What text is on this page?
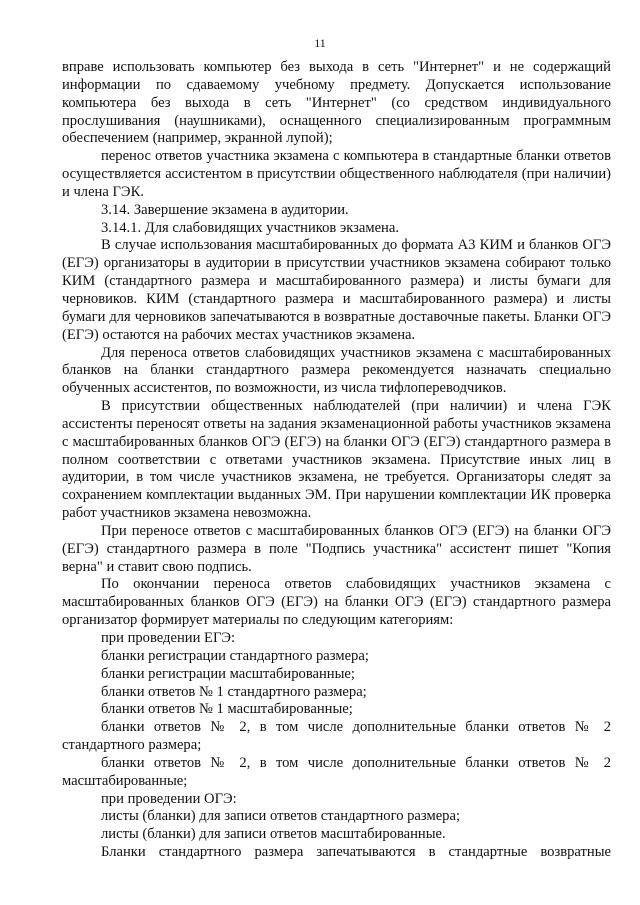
11

вправе использовать компьютер без выхода в сеть "Интернет" и не содержащий информации по сдаваемому учебному предмету. Допускается использование компьютера без выхода в сеть "Интернет" (со средством индивидуального прослушивания (наушниками), оснащенного специализированным программным обеспечением (например, экранной лупой);

перенос ответов участника экзамена с компьютера в стандартные бланки ответов осуществляется ассистентом в присутствии общественного наблюдателя (при наличии) и члена ГЭК.

3.14. Завершение экзамена в аудитории.

3.14.1. Для слабовидящих участников экзамена.

В случае использования масштабированных до формата А3 КИМ и бланков ОГЭ (ЕГЭ) организаторы в аудитории в присутствии участников экзамена собирают только КИМ (стандартного размера и масштабированного размера) и листы бумаги для черновиков. КИМ (стандартного размера и масштабированного размера) и листы бумаги для черновиков запечатываются в возвратные доставочные пакеты. Бланки ОГЭ (ЕГЭ) остаются на рабочих местах участников экзамена.

Для переноса ответов слабовидящих участников экзамена с масштабированных бланков на бланки стандартного размера рекомендуется назначать специально обученных ассистентов, по возможности, из числа тифлопереводчиков.

В присутствии общественных наблюдателей (при наличии) и члена ГЭК ассистенты переносят ответы на задания экзаменационной работы участников экзамена с масштабированных бланков ОГЭ (ЕГЭ) на бланки ОГЭ (ЕГЭ) стандартного размера в полном соответствии с ответами участников экзамена. Присутствие иных лиц в аудитории, в том числе участников экзамена, не требуется. Организаторы следят за сохранением комплектации выданных ЭМ. При нарушении комплектации ИК проверка работ участников экзамена невозможна.

При переносе ответов с масштабированных бланков ОГЭ (ЕГЭ) на бланки ОГЭ (ЕГЭ) стандартного размера в поле "Подпись участника" ассистент пишет "Копия верна" и ставит свою подпись.

По окончании переноса ответов слабовидящих участников экзамена с масштабированных бланков ОГЭ (ЕГЭ) на бланки ОГЭ (ЕГЭ) стандартного размера организатор формирует материалы по следующим категориям:

при проведении ЕГЭ:

бланки регистрации стандартного размера;

бланки регистрации масштабированные;

бланки ответов № 1 стандартного размера;

бланки ответов № 1 масштабированные;

бланки ответов № 2, в том числе дополнительные бланки ответов № 2 стандартного размера;

бланки ответов № 2, в том числе дополнительные бланки ответов № 2 масштабированные;

при проведении ОГЭ:

листы (бланки) для записи ответов стандартного размера;

листы (бланки) для записи ответов масштабированные.

Бланки стандартного размера запечатываются в стандартные возвратные
